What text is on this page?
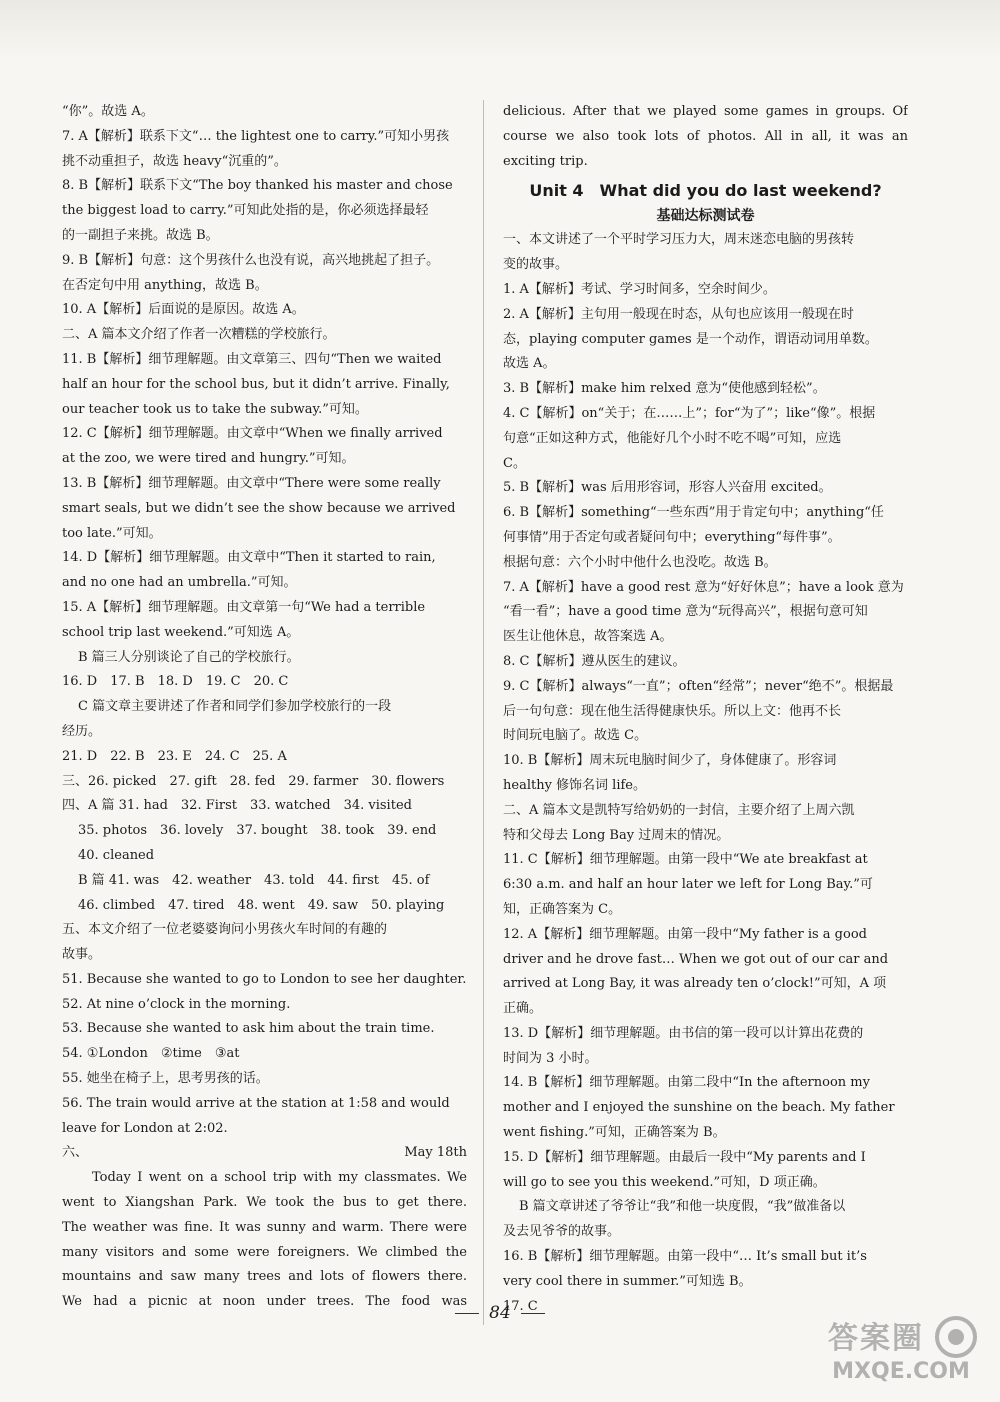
“你”。故选 A。
7. A【解析】联系下文“… the lightest one to carry.”可知小男孩
挑不动重担子，故选 heavy“沉重的”。
8. B【解析】联系下文“The boy thanked his master and chose
the biggest load to carry.”可知此处指的是，你必须选择最轻
的一副担子来挑。故选 B。
9. B【解析】句意：这个男孩什么也没有说，高兴地挑起了担子。
在否定句中用 anything，故选 B。
10. A【解析】后面说的是原因。故选 A。
二、A 篇本文介绍了作者一次糟糕的学校旅行。
11. B【解析】细节理解题。由文章第三、四句“Then we waited
half an hour for the school bus, but it didn’t arrive. Finally,
our teacher took us to take the subway.”可知。
12. C【解析】细节理解题。由文章中“When we finally arrived
at the zoo, we were tired and hungry.”可知。
13. B【解析】细节理解题。由文章中“There were some really
smart seals, but we didn’t see the show because we arrived
too late.”可知。
14. D【解析】细节理解题。由文章中“Then it started to rain,
and no one had an umbrella.”可知。
15. A【解析】细节理解题。由文章第一句“We had a terrible
school trip last weekend.”可知选 A。
B 篇三人分别谈论了自己的学校旅行。
16. D　17. B　18. D　19. C　20. C
C 篇文章主要讲述了作者和同学们参加学校旅行的一段
经历。
21. D　22. B　23. E　24. C　25. A
三、26. picked　27. gift　28. fed　29. farmer　30. flowers
四、A 篇 31. had　32. First　33. watched　34. visited
35. photos　36. lovely　37. bought　38. took　39. end
40. cleaned
B 篇 41. was　42. weather　43. told　44. first　45. of
46. climbed　47. tired　48. went　49. saw　50. playing
五、本文介绍了一位老婆婆询问小男孩火车时间的有趣的
故事。
51. Because she wanted to go to London to see her daughter.
52. At nine o’clock in the morning.
53. Because she wanted to ask him about the train time.
54. ①London　②time　③at
55. 她坐在椅子上，思考男孩的话。
56. The train would arrive at the station at 1:58 and would
leave for London at 2:02.
六、	May 18th
Today I went on a school trip with my classmates. We
went to Xiangshan Park. We took the bus to get there.
The weather was fine. It was sunny and warm. There were
many visitors and some were foreigners. We climbed the
mountains and saw many trees and lots of flowers there.
We had a picnic at noon under trees. The food was
delicious. After that we played some games in groups. Of
course we also took lots of photos. All in all, it was an
exciting trip.
Unit 4　What did you do last weekend?
基础达标测试卷
一、本文讲述了一个平时学习压力大，周末迷恋电脑的男孩转
变的故事。
1. A【解析】考试、学习时间多，空余时间少。
2. A【解析】主句用一般现在时态，从句也应该用一般现在时
态，playing computer games 是一个动作，谓语动词用单数。
故选 A。
3. B【解析】make him relxed 意为“使他感到轻松”。
4. C【解析】on“关于；在……上”；for“为了”；like“像”。根据
句意“正如这种方式，他能好几个小时不吃不喝”可知，应选
C。
5. B【解析】was 后用形容词，形容人兴奋用 excited。
6. B【解析】something“一些东西”用于肯定句中；anything“任
何事情”用于否定句或者疑问句中；everything“每件事”。
根据句意：六个小时中他什么也没吃。故选 B。
7. A【解析】have a good rest 意为“好好休息”；have a look 意为
“看一看”；have a good time 意为“玩得高兴”，根据句意可知
医生让他休息，故答案选 A。
8. C【解析】遵从医生的建议。
9. C【解析】always“一直”；often“经常”；never“绝不”。根据最
后一句句意：现在他生活得健康快乐。所以上文：他再不长
时间玩电脑了。故选 C。
10. B【解析】周末玩电脑时间少了，身体健康了。形容词
healthy 修饰名词 life。
二、A 篇本文是凯特写给奶奶的一封信，主要介绍了上周六凯
特和父母去 Long Bay 过周末的情况。
11. C【解析】细节理解题。由第一段中“We ate breakfast at
6:30 a.m. and half an hour later we left for Long Bay.”可
知，正确答案为 C。
12. A【解析】细节理解题。由第一段中“My father is a good
driver and he drove fast… When we got out of our car and
arrived at Long Bay, it was already ten o’clock!”可知，A 项
正确。
13. D【解析】细节理解题。由书信的第一段可以计算出花费的
时间为 3 小时。
14. B【解析】细节理解题。由第二段中“In the afternoon my
mother and I enjoyed the sunshine on the beach. My father
went fishing.”可知，正确答案为 B。
15. D【解析】细节理解题。由最后一段中“My parents and I
will go to see you this weekend.”可知，D 项正确。
B 篇文章讲述了爷爷让“我”和他一块度假，“我”做准备以
及去见爷爷的故事。
16. B【解析】细节理解题。由第一段中“… It’s small but it’s
very cool there in summer.”可知选 B。
17. C
84
答案圈
MXQE.COM
